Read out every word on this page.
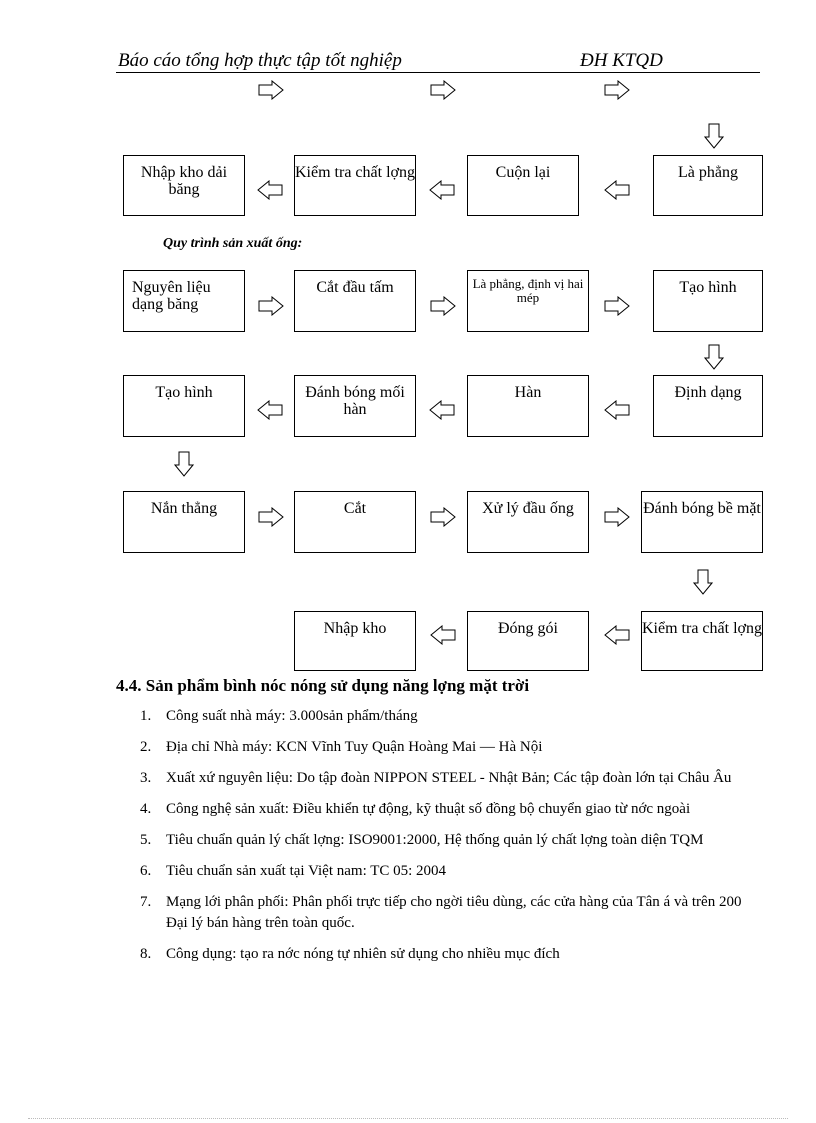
Báo cáo tổng hợp thực tập tốt nghiệp	ĐH KTQD
Nhập kho dải băng
Kiểm tra chất lợng	Cuộn lại	Là phẳng
Quy trình sản xuất ống:
Nguyên liệu dạng băng
Cắt đầu tấm	Là phẳng, định vị hai mép
Tạo hình
Tạo hình	Đánh bóng mối hàn
Hàn	Định dạng
Nắn thẳng	Cắt	Xử lý đầu ống	Đánh bóng bề mặt
Nhập kho	Đóng gói	Kiểm tra chất lợng
4.4. Sản phẩm bình nóc nóng sử dụng năng lợng mặt trời
1. Công suất nhà máy: 3.000sản phẩm/tháng
2. Địa chỉ Nhà máy: KCN Vĩnh Tuy Quận Hoàng Mai — Hà Nội
3. Xuất xứ nguyên liệu: Do tập đoàn NIPPON STEEL - Nhật Bản; Các tập đoàn lớn tại Châu Âu
4. Công nghệ sản xuất: Điều khiển tự động, kỹ thuật số đồng bộ chuyển giao từ nớc ngoài
5. Tiêu chuẩn quản lý chất lợng: ISO9001:2000, Hệ thống quản lý chất lợng toàn diện TQM
6. Tiêu chuẩn sản xuất tại Việt nam: TC 05: 2004
7. Mạng lới phân phối: Phân phối trực tiếp cho ngời tiêu dùng, các cửa hàng của Tân á và trên 200 Đại lý bán hàng trên toàn quốc.
8. Công dụng: tạo ra nớc nóng tự nhiên sử dụng cho nhiều mục đích
